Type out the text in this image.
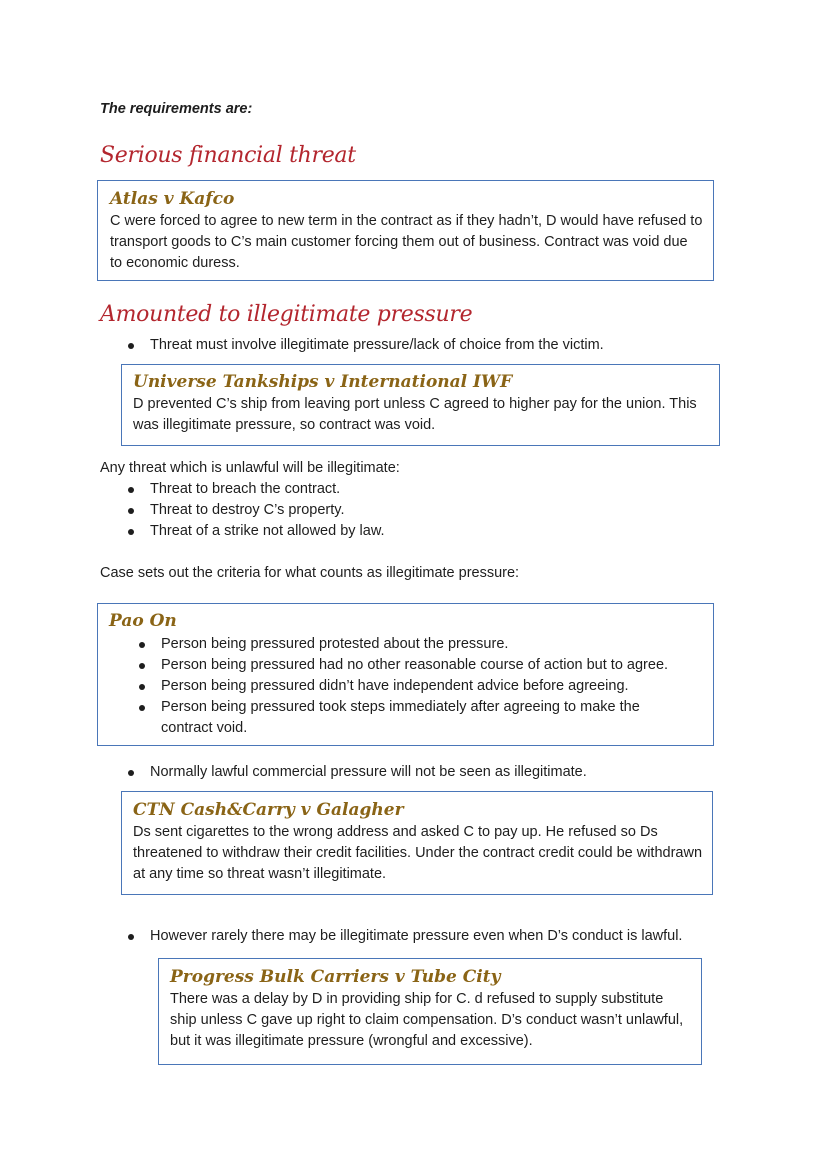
The requirements are:
Serious financial threat
Atlas v Kafco
C were forced to agree to new term in the contract as if they hadn’t, D would have refused to transport goods to C’s main customer forcing them out of business. Contract was void due to economic duress.
Amounted to illegitimate pressure
Threat must involve illegitimate pressure/lack of choice from the victim.
Universe Tankships v International IWF
D prevented C’s ship from leaving port unless C agreed to higher pay for the union. This was illegitimate pressure, so contract was void.
Any threat which is unlawful will be illegitimate:
Threat to breach the contract.
Threat to destroy C’s property.
Threat of a strike not allowed by law.
Case sets out the criteria for what counts as illegitimate pressure:
Pao On
Person being pressured protested about the pressure.
Person being pressured had no other reasonable course of action but to agree.
Person being pressured didn’t have independent advice before agreeing.
Person being pressured took steps immediately after agreeing to make the contract void.
Normally lawful commercial pressure will not be seen as illegitimate.
CTN Cash&Carry v Galagher
Ds sent cigarettes to the wrong address and asked C to pay up. He refused so Ds threatened to withdraw their credit facilities. Under the contract credit could be withdrawn at any time so threat wasn’t illegitimate.
However rarely there may be illegitimate pressure even when D’s conduct is lawful.
Progress Bulk Carriers v Tube City
There was a delay by D in providing ship for C. d refused to supply substitute ship unless C gave up right to claim compensation. D’s conduct wasn’t unlawful, but it was illegitimate pressure (wrongful and excessive).
